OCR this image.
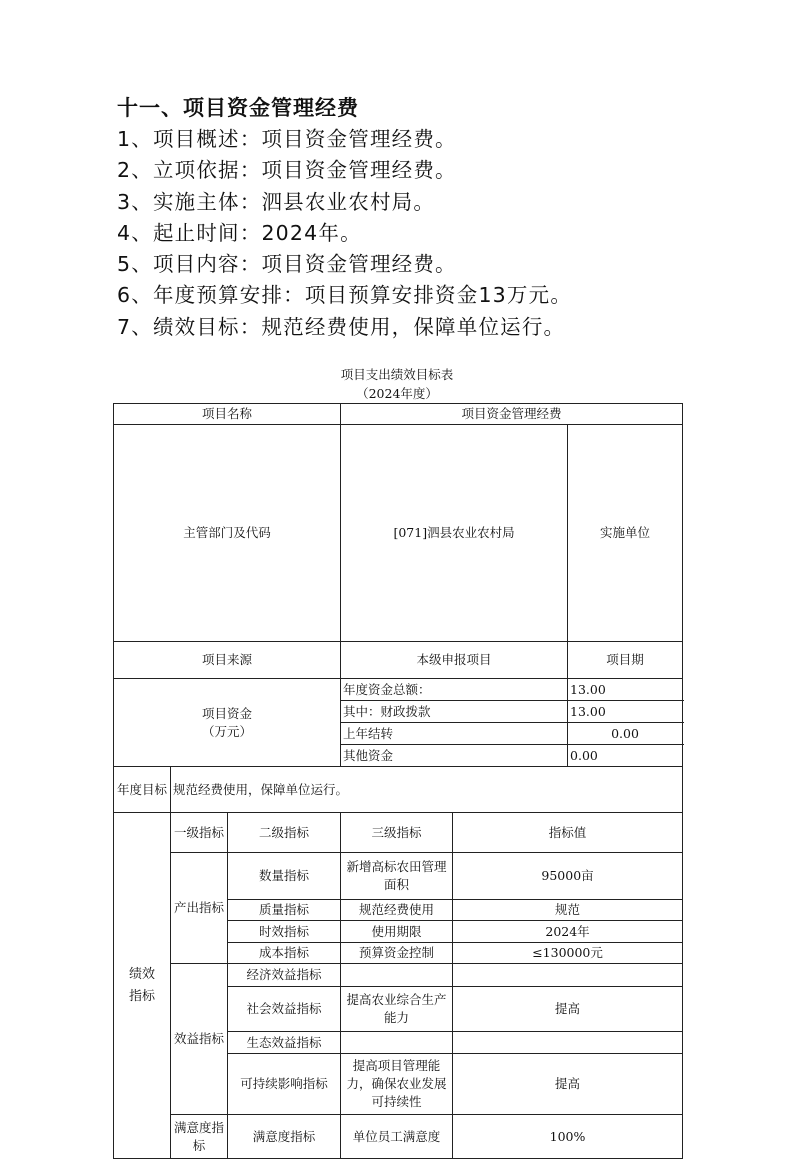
十一、项目资金管理经费
1、项目概述：项目资金管理经费。
2、立项依据：项目资金管理经费。
3、实施主体：泗县农业农村局。
4、起止时间：2024年。
5、项目内容：项目资金管理经费。
6、年度预算安排：项目预算安排资金13万元。
7、绩效目标：规范经费使用，保障单位运行。
项目支出绩效目标表
（2024年度）
项目名称			项目资金管理经费			
主管部门及代码			[071]泗县农业农村局		实施单位	
项目来源			本级申报项目		项目期	

项目资金
（万元）			年度资金总额：		13.00	
			其中：财政拨款		13.00	
			上年结转		0.00	
			其他资金		0.00	
年度目标	规范经费使用，保障单位运行。					
绩效指标	一级指标	二级指标	三级指标	指标值		
	产出指标	数量指标	新增高标农田管理面积	95000亩		
		质量指标	规范经费使用	规范		
		时效指标	使用期限	2024年		
		成本指标	预算资金控制	≤130000元		
	效益指标	经济效益指标				
		社会效益指标	提高农业综合生产能力	提高		
		生态效益指标				
		可持续影响指标	提高项目管理能力，确保农业发展可持续性	提高		
	满意度指标	满意度指标	单位员工满意度	100%		
